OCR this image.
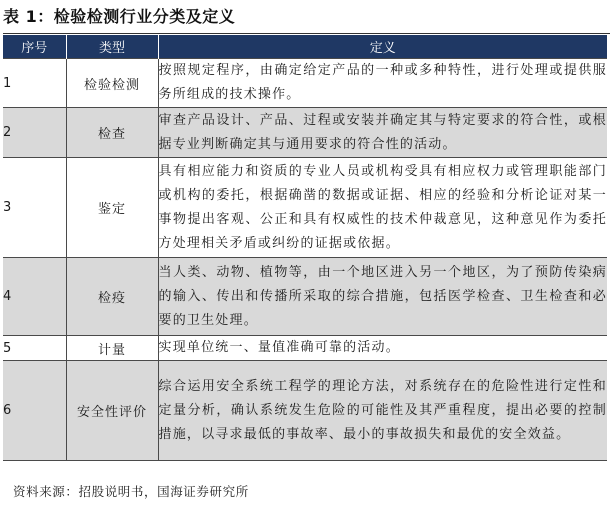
表 1：检验检测行业分类及定义
序号	类型	定义
1	检验检测	按照规定程序，由确定给定产品的一种或多种特性，进行处理或提供服务所组成的技术操作。
2	检查	审查产品设计、产品、过程或安装并确定其与特定要求的符合性，或根据专业判断确定其与通用要求的符合性的活动。
3	鉴定	具有相应能力和资质的专业人员或机构受具有相应权力或管理职能部门或机构的委托，根据确凿的数据或证据、相应的经验和分析论证对某一事物提出客观、公正和具有权威性的技术仲裁意见，这种意见作为委托方处理相关矛盾或纠纷的证据或依据。
4	检疫	当人类、动物、植物等，由一个地区进入另一个地区，为了预防传染病的输入、传出和传播所采取的综合措施，包括医学检查、卫生检查和必要的卫生处理。
5	计量	实现单位统一、量值准确可靠的活动。
6	安全性评价	综合运用安全系统工程学的理论方法，对系统存在的危险性进行定性和定量分析，确认系统发生危险的可能性及其严重程度，提出必要的控制措施，以寻求最低的事故率、最小的事故损失和最优的安全效益。
资料来源：招股说明书，国海证券研究所
